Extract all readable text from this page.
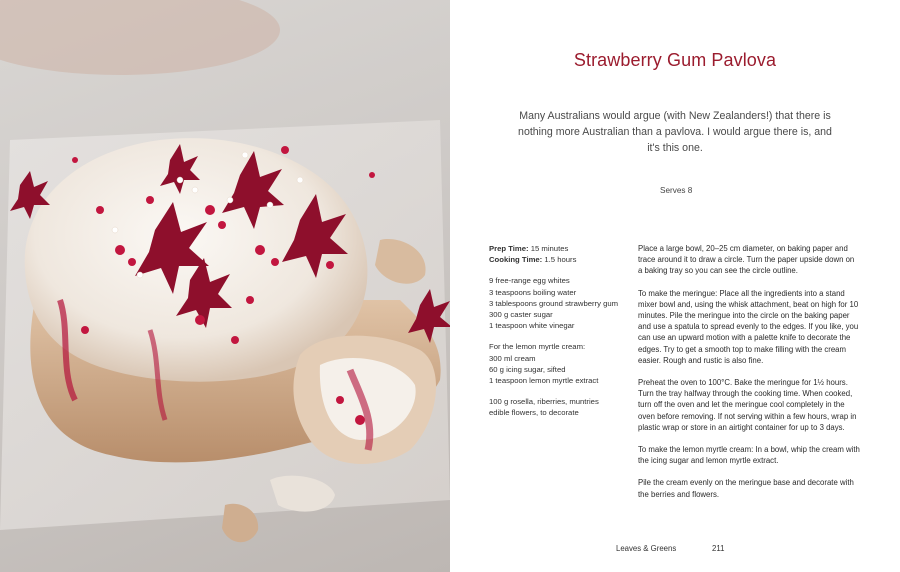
Strawberry Gum Pavlova
Many Australians would argue (with New Zealanders!) that there is nothing more Australian than a pavlova. I would argue there is, and it's this one.
Serves 8
Prep Time: 15 minutes
Cooking Time: 1.5 hours
9 free-range egg whites
3 teaspoons boiling water
3 tablespoons ground strawberry gum
300 g caster sugar
1 teaspoon white vinegar
For the lemon myrtle cream:
300 ml cream
60 g icing sugar, sifted
1 teaspoon lemon myrtle extract
100 g rosella, riberries, muntries
edible flowers, to decorate

Place a large bowl, 20–25 cm diameter, on baking paper and trace around it to draw a circle. Turn the paper upside down on a baking tray so you can see the circle outline.

To make the meringue: Place all the ingredients into a stand mixer bowl and, using the whisk attachment, beat on high for 10 minutes. Pile the meringue into the circle on the baking paper and use a spatula to spread evenly to the edges. If you like, you can use an upward motion with a palette knife to decorate the edges. Try to get a smooth top to make filling with the cream easier. Rough and rustic is also fine.

Preheat the oven to 100°C. Bake the meringue for 1½ hours. Turn the tray halfway through the cooking time. When cooked, turn off the oven and let the meringue cool completely in the oven before removing. If not serving within a few hours, wrap in plastic wrap or store in an airtight container for up to 3 days.

To make the lemon myrtle cream: In a bowl, whip the cream with the icing sugar and lemon myrtle extract.

Pile the cream evenly on the meringue base and decorate with the berries and flowers.

Leaves & Greens	211
